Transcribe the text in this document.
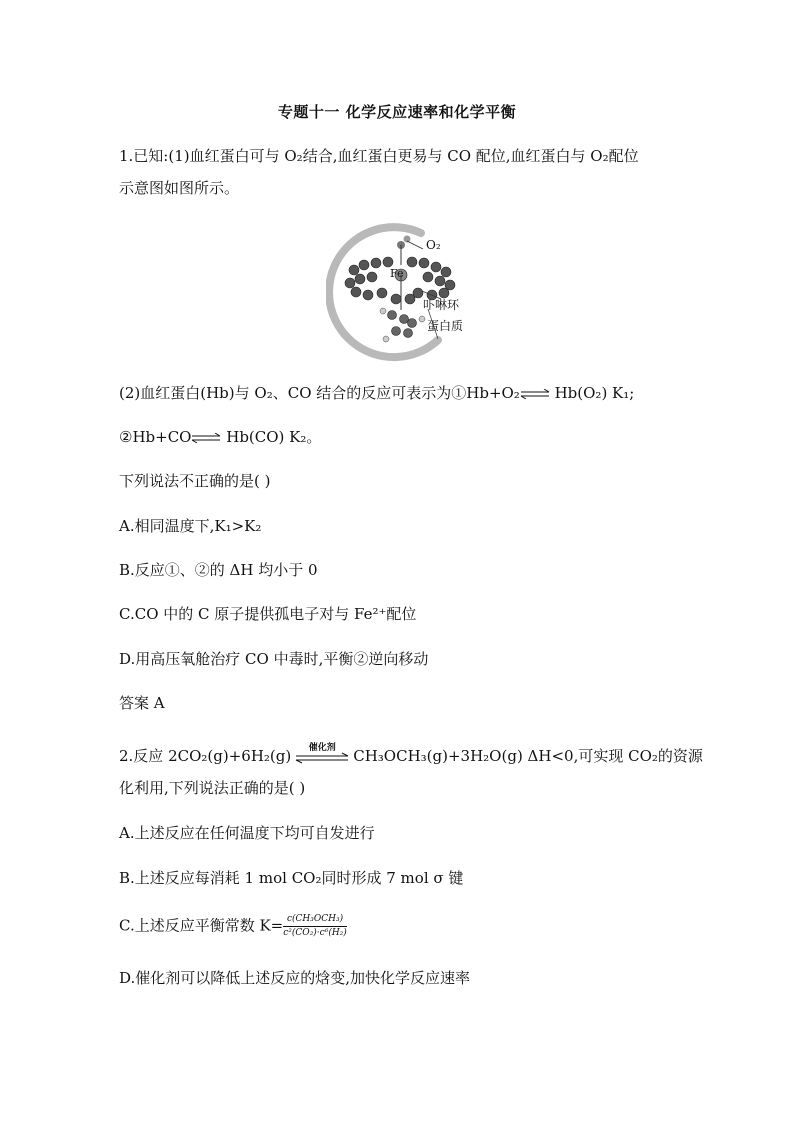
专题十一 化学反应速率和化学平衡
1.已知:(1)血红蛋白可与 O₂结合,血红蛋白更易与 CO 配位,血红蛋白与 O₂配位
示意图如图所示。
O₂
Fe
卟啉环
蛋白质
(2)血红蛋白(Hb)与 O₂、CO 结合的反应可表示为①Hb+O₂⇌ Hb(O₂) K₁;
②Hb+CO⇌ Hb(CO) K₂。
下列说法不正确的是( )
A.相同温度下,K₁>K₂
B.反应①、②的 ΔH 均小于 0
C.CO 中的 C 原子提供孤电子对与 Fe²⁺配位
D.用高压氧舱治疗 CO 中毒时,平衡②逆向移动
答案 A
2.反应 2CO₂(g)+6H₂(g)	催化剂	CH₃OCH₃(g)+3H₂O(g) ΔH<0,可实现 CO₂的资源
化利用,下列说法正确的是( )
A.上述反应在任何温度下均可自发进行
B.上述反应每消耗 1 mol CO₂同时形成 7 mol σ 键
C.上述反应平衡常数 $K= \frac{\text{c(CH₃OCH₃)}}{\text{c²(CO₂)·c⁶(H₂)}}$
D.催化剂可以降低上述反应的焓变,加快化学反应速率
